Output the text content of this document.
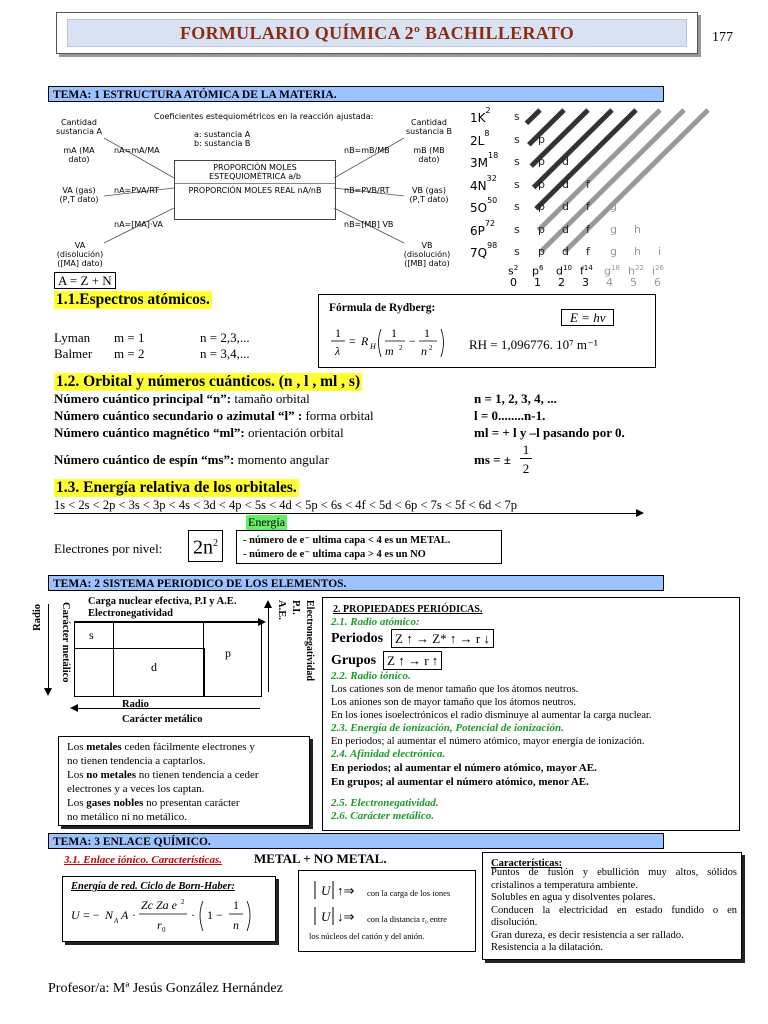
FORMULARIO QUÍMICA 2º BACHILLERATO	177
TEMA: 1 ESTRUCTURA ATÓMICA DE LA MATERIA.
Coeficientes estequiométricos en la reacción ajustada:
a: sustancia A
b: sustancia B
Cantidad sustancia A
Cantidad sustancia B
mA (MA dato)
mB (MB dato)
nA=mA/MA	nB=mB/MB
PROPORCIÓN MOLES ESTEQUIOMÉTRICA a/b
PROPORCIÓN MOLES REAL nA/nB
VA (gas) (P,T dato)
VB (gas) (P,T dato)
nA=PVA/RT	nB=PVB/RT
nA=[MA]·VA	nB=[MB] VB
VA (disolución) ([MA] dato)
VB (disolución) ([MB] dato)
$1K^2$ s
$2L^8$ s p
$3M^{18}$ s p d
$4N^{32}$ s p d f
$5O^{50}$ s p d f g
$6P^{72}$ s p d f g h
$7Q^{98}$ s p d f g h i
$s^2$ $p^6$ $d^{10}$ $f^{14}$ $g^{18}$ $h^{22}$ $i^{26}$
0 1 2 3 4 5 6
A = Z + N
1.1.Espectros atómicos.
Lyman m = 1	n = 2,3,...
Balmer m = 2	n = 3,4,...
Fórmula de Rydberg:
E = hν
1
λ
= R H
1
m 2 −
1
n 2	RH = 1,096776. 10⁷ m⁻¹
1.2. Orbital y números cuánticos. (n , l , ml , s)
Número cuántico principal “n”: tamaño orbital	n = 1, 2, 3, 4, ...
Número cuántico secundario o azimutal “l” : forma orbital	l = 0........n-1.
Número cuántico magnético “ml”: orientación orbital	ml = + l y –l pasando por 0.
Número cuántico de espín “ms”: momento angular	ms = ±
1
2
1.3. Energía relativa de los orbitales.
1s < 2s < 2p < 3s < 3p < 4s < 3d < 4p < 5s < 4d < 5p < 6s < 4f < 5d < 6p < 7s < 5f < 6d < 7p
Energía
Electrones por nivel: $2n^2$	- número de e⁻ ultima capa < 4 es un METAL.
- número de e⁻ ultima capa > 4 es un NO
TEMA: 2 SISTEMA PERIODICO DE LOS ELEMENTOS.
Radio Carácter metálico
Carga nuclear efectiva, P.I y A.E. Electronegatividad
s
d
p
A.E. P.I. Electronegatividad
Radio
Carácter metálico
Los metales ceden fácilmente electrones y
no tienen tendencia a captarlos.
Los no metales no tienen tendencia a ceder
electrones y a veces los captan.
Los gases nobles no presentan carácter
no metálico ni no metálico.
2. PROPIEDADES PERIÓDICAS.
2.1. Radio atómico:
Periodos Z ↑ → Z* ↑ → r ↓
Grupos Z ↑ → r ↑
2.2. Radio iónico.
Los cationes son de menor tamaño que los átomos neutros.
Los aniones son de mayor tamaño que los átomos neutros.
En los iones isoelectrónicos el radio disminuye al aumentar la carga nuclear.
2.3. Energía de ionización, Potencial de ionización.
En periodos; al aumentar el número atómico, mayor energía de ionización.
2.4. Afinidad electrónica.
En periodos; al aumentar el número atómico, mayor AE.
En grupos; al aumentar el número atómico, menor AE.
2.5. Electronegatividad.
2.6. Carácter metálico.
TEMA: 3 ENLACE QUÍMICO.
3.1. Enlace iónico. Características. METAL + NO METAL.
Energía de red. Ciclo de Born-Haber:
U = − N A A ·
Zc Za e 2
r 0
· 1 −
1
n
U ↑⇒
U ↓⇒
con la carga de los iones
con la distancia r₀ entre
los núcleos del catión y del anión.
Características:
Puntos de fusión y ebullición muy altos, sólidos cristalinos a temperatura ambiente.
Solubles en agua y disolventes polares.
Conducen la electricidad en estado fundido o en disolución.
Gran dureza, es decir resistencia a ser rallado.
Resistencia a la dilatación.
Profesor/a: Mª Jesús González Hernández
